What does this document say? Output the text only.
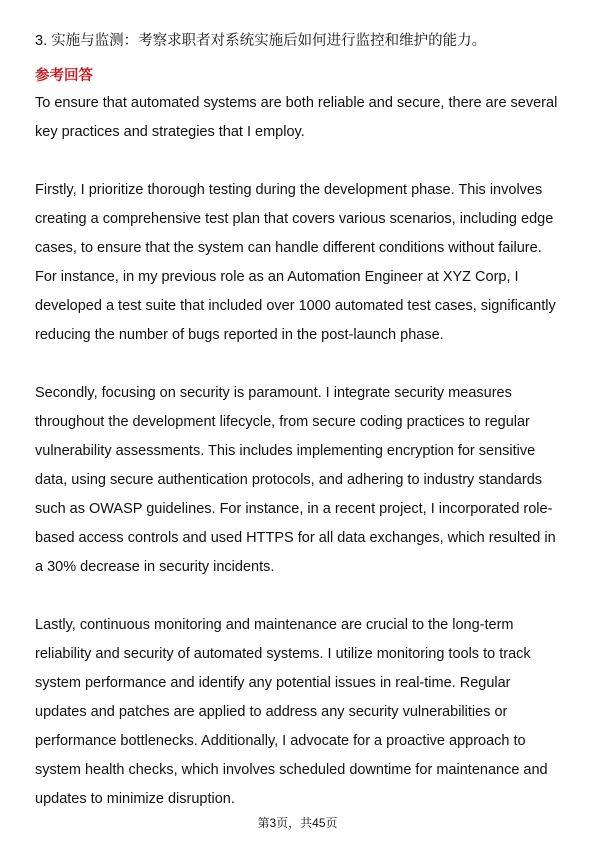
3. 实施与监测：考察求职者对系统实施后如何进行监控和维护的能力。
参考回答

To ensure that automated systems are both reliable and secure, there are several key practices and strategies that I employ.

Firstly, I prioritize thorough testing during the development phase. This involves creating a comprehensive test plan that covers various scenarios, including edge cases, to ensure that the system can handle different conditions without failure. For instance, in my previous role as an Automation Engineer at XYZ Corp, I developed a test suite that included over 1000 automated test cases, significantly reducing the number of bugs reported in the post-launch phase.

Secondly, focusing on security is paramount. I integrate security measures throughout the development lifecycle, from secure coding practices to regular vulnerability assessments. This includes implementing encryption for sensitive data, using secure authentication protocols, and adhering to industry standards such as OWASP guidelines. For instance, in a recent project, I incorporated role-based access controls and used HTTPS for all data exchanges, which resulted in a 30% decrease in security incidents.

Lastly, continuous monitoring and maintenance are crucial to the long-term reliability and security of automated systems. I utilize monitoring tools to track system performance and identify any potential issues in real-time. Regular updates and patches are applied to address any security vulnerabilities or performance bottlenecks. Additionally, I advocate for a proactive approach to system health checks, which involves scheduled downtime for maintenance and updates to minimize disruption.

第3页，共45页
